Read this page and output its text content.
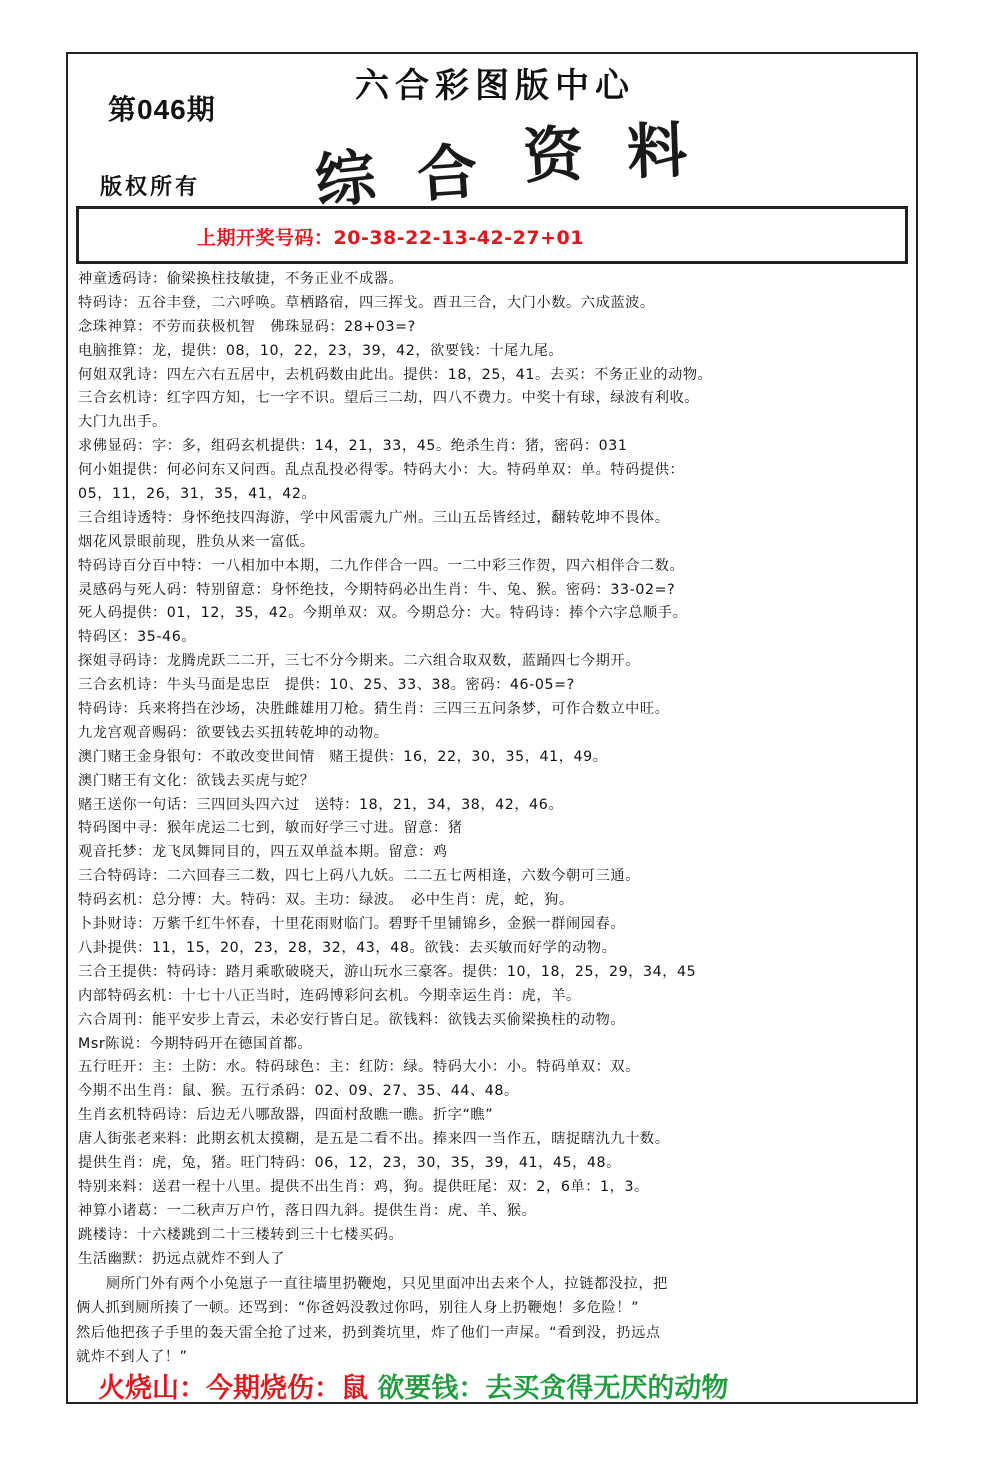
第046期
六合彩图版中心
版权所有 综 合 资 料
上期开奖号码：20-38-22-13-42-27+01
神童透码诗：偷梁换柱技敏捷，不务正业不成器。
特码诗：五谷丰登，二六呼唤。草栖路宿，四三挥戈。酉丑三合，大门小数。六成蓝波。
念珠神算：不劳而获极机智　佛珠显码：28+03=?
电脑推算：龙，提供：08，10，22，23，39，42，欲要钱：十尾九尾。
何姐双乳诗：四左六右五居中，去机码数由此出。提供：18，25，41。去买：不务正业的动物。
三合玄机诗：红字四方知，七一字不识。望后三二劫，四八不费力。中奖十有球，绿波有利收。
大门九出手。
求佛显码：字：多，组码玄机提供：14，21，33，45。绝杀生肖：猪，密码：031
何小姐提供：何必问东又问西。乱点乱投必得零。特码大小：大。特码单双：单。特码提供：
05，11，26，31，35，41，42。
三合组诗透特：身怀绝技四海游，学中风雷震九广州。三山五岳皆经过，翻转乾坤不畏体。
烟花风景眼前现，胜负从来一富低。
特码诗百分百中特：一八相加中本期，二九作伴合一四。一二中彩三作贺，四六相伴合二数。
灵感码与死人码：特别留意：身怀绝技，今期特码必出生肖：牛、兔、猴。密码：33-02=?
死人码提供：01，12，35，42。今期单双：双。今期总分：大。特码诗：捧个六字总顺手。
特码区：35-46。
探姐寻码诗：龙腾虎跃二二开，三七不分今期来。二六组合取双数，蓝踊四七今期开。
三合玄机诗：牛头马面是忠臣　提供：10、25、33、38。密码：46-05=?
特码诗：兵来将挡在沙场，决胜雌雄用刀枪。猜生肖：三四三五问条梦，可作合数立中旺。
九龙宫观音赐码：欲要钱去买扭转乾坤的动物。
澳门赌王金身银句：不敢改变世间情　赌王提供：16，22，30，35，41，49。
澳门赌王有文化：欲钱去买虎与蛇？
赌王送你一句话：三四回头四六过　送特：18，21，34，38，42，46。
特码图中寻：猴年虎运二七到，敏而好学三寸进。留意：猪
观音托梦：龙飞凤舞同目的，四五双单益本期。留意：鸡
三合特码诗：二六回春三二数，四七上码八九妖。二二五七两相逢，六数今朝可三通。
特码玄机：总分博：大。特码：双。主功：绿波。　必中生肖：虎，蛇，狗。
卜卦财诗：万紫千红牛怀春，十里花雨财临门。碧野千里铺锦乡，金猴一群闹园春。
八卦提供：11，15，20，23，28，32，43，48。欲钱：去买敏而好学的动物。
三合王提供：特码诗：踏月乘歌破晓天，游山玩水三豪客。提供：10，18，25，29，34，45
内部特码玄机：十七十八正当时，连码博彩问玄机。今期幸运生肖：虎，羊。
六合周刊：能平安步上青云，未必安行皆白足。欲钱料：欲钱去买偷梁换柱的动物。
Msr陈说：今期特码开在德国首都。
五行旺开：主：土防：水。特码球色：主：红防：绿。特码大小：小。特码单双：双。
今期不出生肖：鼠、猴。五行杀码：02、09、27、35、44、48。
生肖玄机特码诗：后边无八哪敌器，四面村敌瞧一瞧。折字“瞧”
唐人街张老来料：此期玄机太摸糊，是五是二看不出。捧来四一当作五，瞎捉瞎氿九十数。
提供生肖：虎，兔，猪。旺门特码：06，12，23，30，35，39，41，45，48。
特别来料：送君一程十八里。提供不出生肖：鸡，狗。提供旺尾：双：2，6单：1，3。
神算小诸葛：一二秋声万户竹，落日四九斜。提供生肖：虎、羊、猴。
跳楼诗：十六楼跳到二十三楼转到三十七楼买码。
生活幽默：扔远点就炸不到人了

厕所门外有两个小兔崽子一直往墙里扔鞭炮，只见里面冲出去来个人，拉链都没拉，把

俩人抓到厕所揍了一顿。还骂到：“你爸妈没教过你吗，别往人身上扔鞭炮！多危险！”

然后他把孩子手里的轰天雷全抢了过来，扔到粪坑里，炸了他们一声屎。“看到没，扔远点

就炸不到人了！”

火烧山：今期烧伤：鼠 欲要钱：去买贪得无厌的动物
